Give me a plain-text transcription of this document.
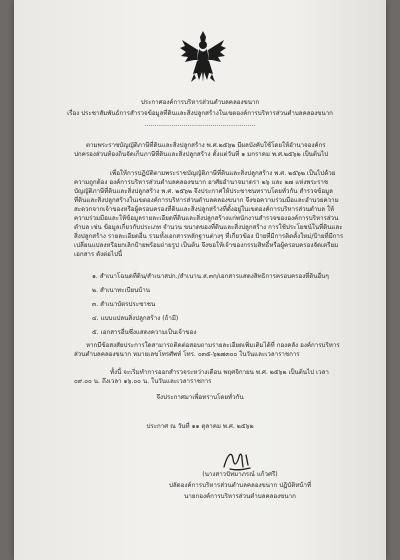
ประกาศองค์การบริหารส่วนตำบลคลองขนาก
เรื่อง ประชาสัมพันธ์การสำรวจข้อมูลที่ดินและสิ่งปลูกสร้างในเขตองค์การบริหารส่วนตำบลคลองขนาก
………………………………………………
ตามพระราชบัญญัติภาษีที่ดินและสิ่งปลูกสร้าง พ.ศ.๒๕๖๒ มีผลบังคับใช้โดยให้อำนาจองค์กรปกครองส่วนท้องถิ่นจัดเก็บภาษีที่ดินและสิ่งปลูกสร้าง ตั้งแต่วันที่ ๑ มกราคม พ.ศ.๒๕๖๒ เป็นต้นไป
เพื่อให้การปฏิบัติตามพระราชบัญญัติภาษีที่ดินและสิ่งปลูกสร้าง พ.ศ. ๒๕๖๒ เป็นไปด้วยความถูกต้อง องค์การบริหารส่วนตำบลคลองขนาก อาศัยอำนาจมาตรา ๒๖ และ ๒๗ แห่งพระราชบัญญัติภาษีที่ดินและสิ่งปลูกสร้าง พ.ศ. ๒๕๖๒ จึงประกาศให้ประชาชนทราบโดยทั่วกัน สำรวจข้อมูลที่ดินและสิ่งปลูกสร้างในเขตองค์การบริหารส่วนตำบลคลองขนาก จึงขอความร่วมมือและอำนวยความสะดวกจากเจ้าของหรือผู้ครอบครองที่ดินและสิ่งปลูกสร้างที่ตั้งอยู่ในเขตองค์การบริหารส่วนตำบล ให้ความร่วมมือและให้ข้อมูลรายละเอียดที่ดินและสิ่งปลูกสร้างแก่พนักงานสำรวจขององค์การบริหารส่วนตำบล เช่น ข้อมูลเกี่ยวกับประเภท จำนวน ขนาดของที่ดินและสิ่งปลูกสร้าง การใช้ประโยชน์ในที่ดินและสิ่งปลูกสร้าง รายละเอียดอื่น รวมทั้งเอกสารหลักฐานต่างๆ ที่เกี่ยวข้อง ป้ายที่มีการติดตั้งใหม่/ป้ายที่มีการเปลี่ยนแปลงหรือยกเลิกป้ายพร้อมถ่ายรูป เป็นต้น จึงขอให้เจ้าของกรรมสิทธิ์หรือผู้ครอบครองจัดเตรียมเอกสาร ดังต่อไปนี้
๑. สำเนาโฉนดที่ดิน/สำเนาสปก./สำเนาน.ส.๓ก/เอกสารแสดงสิทธิการครอบครองที่ดินอื่นๆ
๒. สำเนาทะเบียนบ้าน
๓. สำเนาบัตรประชาชน
๔. แบบแปลนสิ่งปลูกสร้าง (ถ้ามี)
๕. เอกสารอื่นซึ่งแสดงความเป็นเจ้าของ
หากมีข้อสงสัยประการใดสามารถติดต่อสอบถามรายละเอียดเพิ่มเติมได้ที่ กองคลัง องค์การบริหารส่วนตำบลคลองขนาก หมายเลขโทรศัพท์ โทร. ๐๓๕-๖๒๗๓๐๐ ในวันและเวลาราชการ
ทั้งนี้ จะเริ่มทำการออกสำรวจระหว่างเดือน พฤศจิกายน พ.ศ. ๒๕๖๒ เป็นต้นไป เวลา ๐๙.๐๐ น. ถึงเวลา ๑๖.๐๐ น. ในวันและเวลาราชการ
จึงประกาศมาเพื่อทราบโดยทั่วกัน
ประกาศ ณ วันที่ ๑๑ ตุลาคม พ.ศ. ๒๕๖๒
(นางสาวปัทมาภรณ์ แก้วศรี)
ปลัดองค์การบริหารส่วนตำบลคลองขนาก ปฏิบัติหน้าที่
นายกองค์การบริหารส่วนตำบลคลองขนาก
